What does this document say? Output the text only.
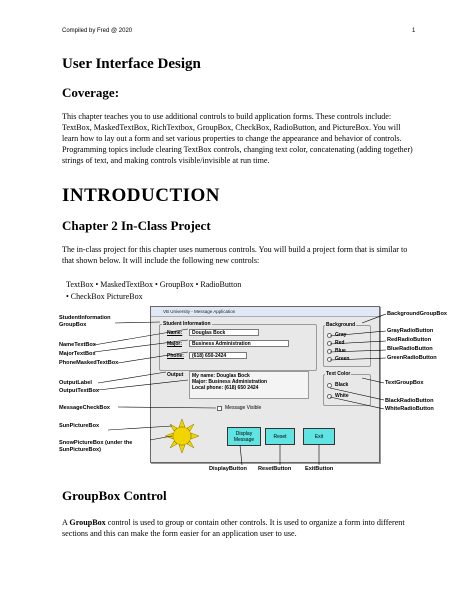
Compiled by Fred @ 2020	1
User Interface Design
Coverage:
This chapter teaches you to use additional controls to build application forms. These controls include: TextBox, MaskedTextBox, RichTextbox, GroupBox, CheckBox, RadioButton, and PictureBox. You will learn how to lay out a form and set various properties to change the appearance and behavior of controls. Programming topics include clearing TextBox controls, changing text color, concatenating (adding together) strings of text, and making controls visible/invisible at run time.
INTRODUCTION
Chapter 2 In-Class Project
The in-class project for this chapter uses numerous controls. You will build a project form that is similar to that shown below. It will include the following new controls:
TextBox • MaskedTextBox • GroupBox • RadioButton
• CheckBox PictureBox
VB University - Message Application
Student Information
Name:	Douglas Bock
Major:	Business Administration
Phone:	(618) 650-2424
Output My name: Douglas Bock
Major: Business Administration
Local phone: (618) 650 2424
Background
Gray
Red
Blue
Green
Text Color
Black
White
Message Visible
Display Message	Reset	Exit
StudentInformation GroupBox
NameTextBox
MajorTextBox
PhoneMaskedTextBox
OutputLabel
OutputTextBox
MessageCheckBox
SunPictureBox
SnowPictureBox (under the SunPictureBox)
BackgroundGroupBox
GrayRadioButton
RedRadioButton
BlueRadioButton
GreenRadioButton
TextGroupBox
BlackRadioButton
WhiteRadioButton
DisplayButton ResetButton ExitButton
GroupBox Control
A GroupBox control is used to group or contain other controls. It is used to organize a form into different sections and this can make the form easier for an application user to use.
